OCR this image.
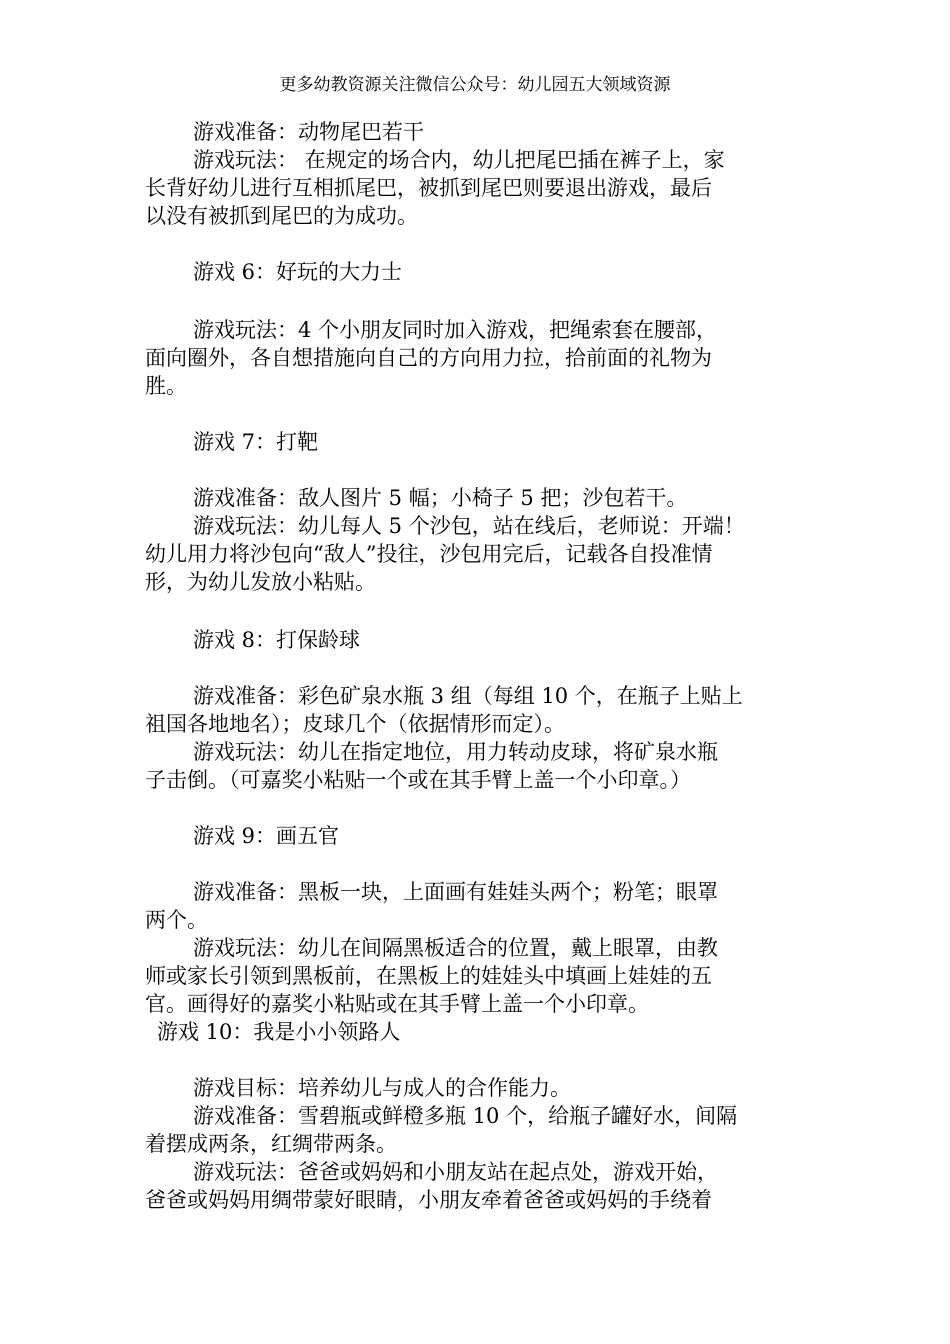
更多幼教资源关注微信公众号：幼儿园五大领域资源
游戏准备：动物尾巴若干
游戏玩法： 在规定的场合内，幼儿把尾巴插在裤子上，家
长背好幼儿进行互相抓尾巴，被抓到尾巴则要退出游戏，最后
以没有被抓到尾巴的为成功。
游戏 6：好玩的大力士
游戏玩法：4 个小朋友同时加入游戏，把绳索套在腰部，
面向圈外，各自想措施向自己的方向用力拉，拾前面的礼物为
胜。
游戏 7：打靶
游戏准备：敌人图片 5 幅；小椅子 5 把；沙包若干。
游戏玩法：幼儿每人 5 个沙包，站在线后，老师说：开端！
幼儿用力将沙包向“敌人”投往，沙包用完后，记载各自投准情
形，为幼儿发放小粘贴。
游戏 8：打保龄球
游戏准备：彩色矿泉水瓶 3 组（每组 10 个，在瓶子上贴上
祖国各地地名）；皮球几个（依据情形而定）。
游戏玩法：幼儿在指定地位，用力转动皮球，将矿泉水瓶
子击倒。（可嘉奖小粘贴一个或在其手臂上盖一个小印章。）
游戏 9：画五官
游戏准备：黑板一块，上面画有娃娃头两个；粉笔；眼罩
两个。
游戏玩法：幼儿在间隔黑板适合的位置，戴上眼罩，由教
师或家长引领到黑板前，在黑板上的娃娃头中填画上娃娃的五
官。画得好的嘉奖小粘贴或在其手臂上盖一个小印章。
游戏 10：我是小小领路人
游戏目标：培养幼儿与成人的合作能力。
游戏准备：雪碧瓶或鲜橙多瓶 10 个，给瓶子罐好水，间隔
着摆成两条，红绸带两条。
游戏玩法：爸爸或妈妈和小朋友站在起点处，游戏开始，
爸爸或妈妈用绸带蒙好眼睛，小朋友牵着爸爸或妈妈的手绕着
